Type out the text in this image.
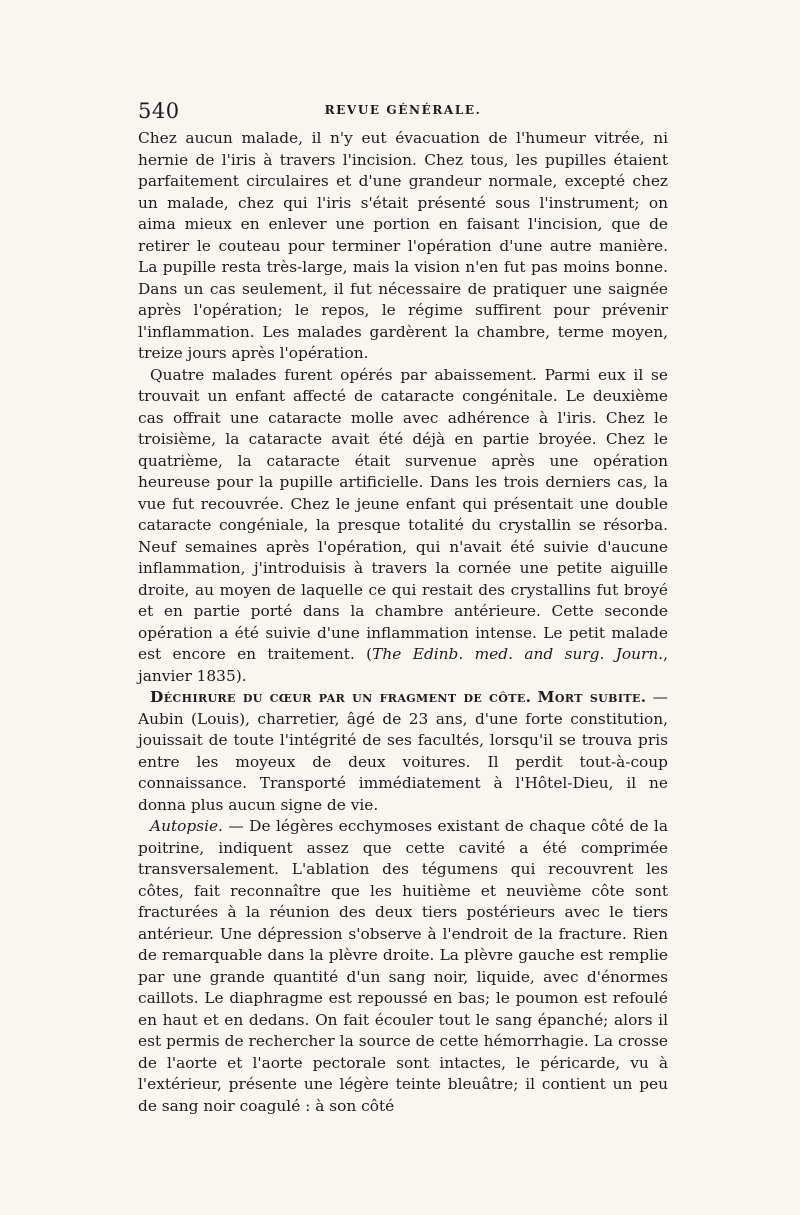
540	REVUE GÉNÉRALE.

Chez aucun malade, il n'y eut évacuation de l'humeur vitrée, ni hernie de l'iris à travers l'incision. Chez tous, les pupilles étaient parfaitement circulaires et d'une grandeur normale, excepté chez un malade, chez qui l'iris s'était présenté sous l'instrument; on aima mieux en enlever une portion en faisant l'incision, que de retirer le couteau pour terminer l'opération d'une autre manière. La pupille resta très-large, mais la vision n'en fut pas moins bonne. Dans un cas seulement, il fut nécessaire de pratiquer une saignée après l'opération; le repos, le régime suffirent pour prévenir l'inflammation. Les malades gardèrent la chambre, terme moyen, treize jours après l'opération.

Quatre malades furent opérés par abaissement. Parmi eux il se trouvait un enfant affecté de cataracte congénitale. Le deuxième cas offrait une cataracte molle avec adhérence à l'iris. Chez le troisième, la cataracte avait été déjà en partie broyée. Chez le quatrième, la cataracte était survenue après une opération heureuse pour la pupille artificielle. Dans les trois derniers cas, la vue fut recouvrée. Chez le jeune enfant qui présentait une double cataracte congéniale, la presque totalité du crystallin se résorba. Neuf semaines après l'opération, qui n'avait été suivie d'aucune inflammation, j'introduisis à travers la cornée une petite aiguille droite, au moyen de laquelle ce qui restait des crystallins fut broyé et en partie porté dans la chambre antérieure. Cette seconde opération a été suivie d'une inflammation intense. Le petit malade est encore en traitement. (The Edinb. med. and surg. Journ., janvier 1835).

Déchirure du cœur par un fragment de côte. Mort subite. — Aubin (Louis), charretier, âgé de 23 ans, d'une forte constitution, jouissait de toute l'intégrité de ses facultés, lorsqu'il se trouva pris entre les moyeux de deux voitures. Il perdit tout-à-coup connaissance. Transporté immédiatement à l'Hôtel-Dieu, il ne donna plus aucun signe de vie.

Autopsie. — De légères ecchymoses existant de chaque côté de la poitrine, indiquent assez que cette cavité a été comprimée transversalement. L'ablation des tégumens qui recouvrent les côtes, fait reconnaître que les huitième et neuvième côte sont fracturées à la réunion des deux tiers postérieurs avec le tiers antérieur. Une dépression s'observe à l'endroit de la fracture. Rien de remarquable dans la plèvre droite. La plèvre gauche est remplie par une grande quantité d'un sang noir, liquide, avec d'énormes caillots. Le diaphragme est repoussé en bas; le poumon est refoulé en haut et en dedans. On fait écouler tout le sang épanché; alors il est permis de rechercher la source de cette hémorrhagie. La crosse de l'aorte et l'aorte pectorale sont intactes, le péricarde, vu à l'extérieur, présente une légère teinte bleuâtre; il contient un peu de sang noir coagulé : à son côté
